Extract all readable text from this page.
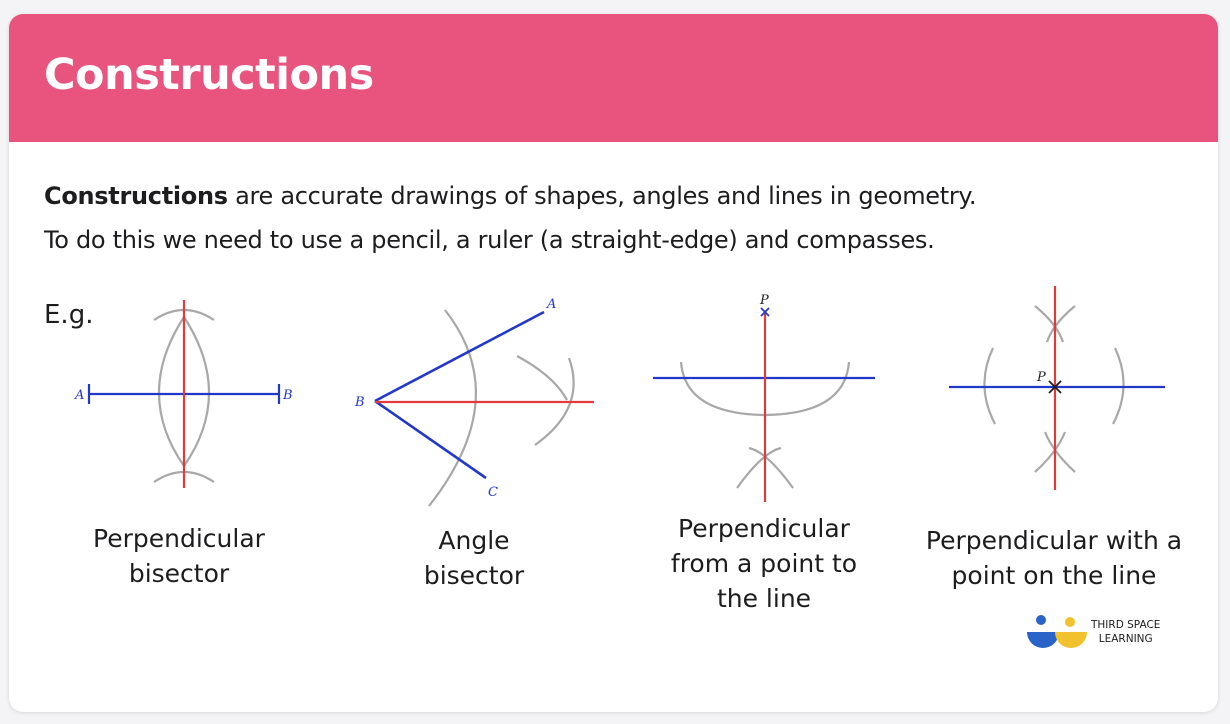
Constructions
Constructions are accurate drawings of shapes, angles and lines in geometry.
To do this we need to use a pencil, a ruler (a straight-edge) and compasses.
E.g.
A	B
A
B
C
P
P
Perpendicular
bisector
Angle
bisector
Perpendicular
from a point to
the line
Perpendicular with a
point on the line
THIRD SPACE
LEARNING
